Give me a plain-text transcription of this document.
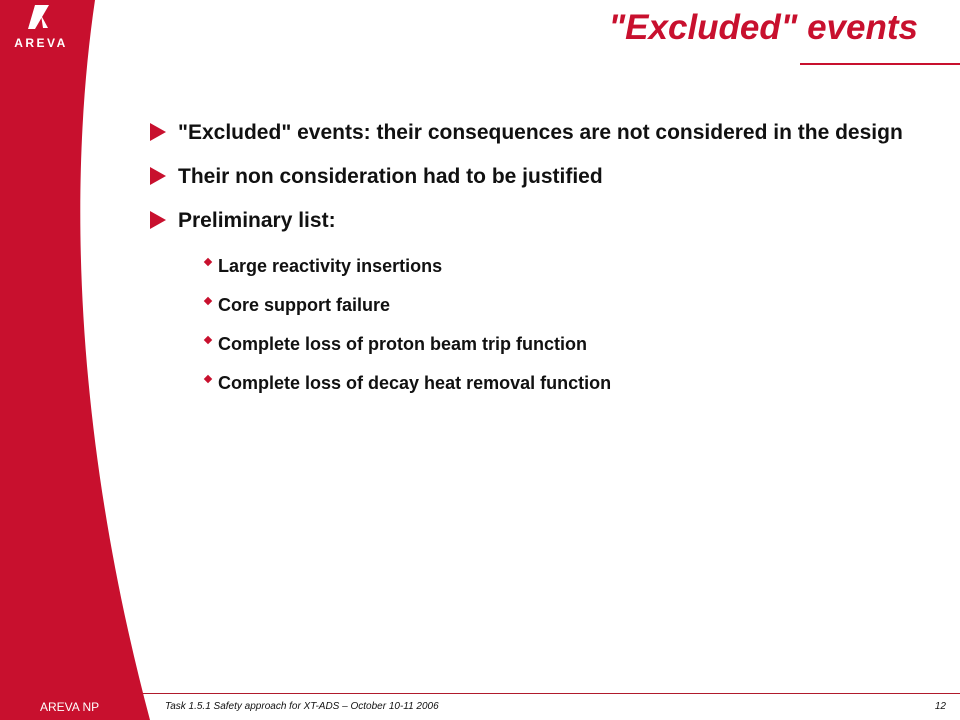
AREVA	"Excluded" events
"Excluded" events: their consequences are not considered in the design
Their non consideration had to be justified
Preliminary list:
Large reactivity insertions
Core support failure
Complete loss of proton beam trip function
Complete loss of decay heat removal function
AREVA NP	Task 1.5.1 Safety approach for XT-ADS – October 10-11 2006	12
